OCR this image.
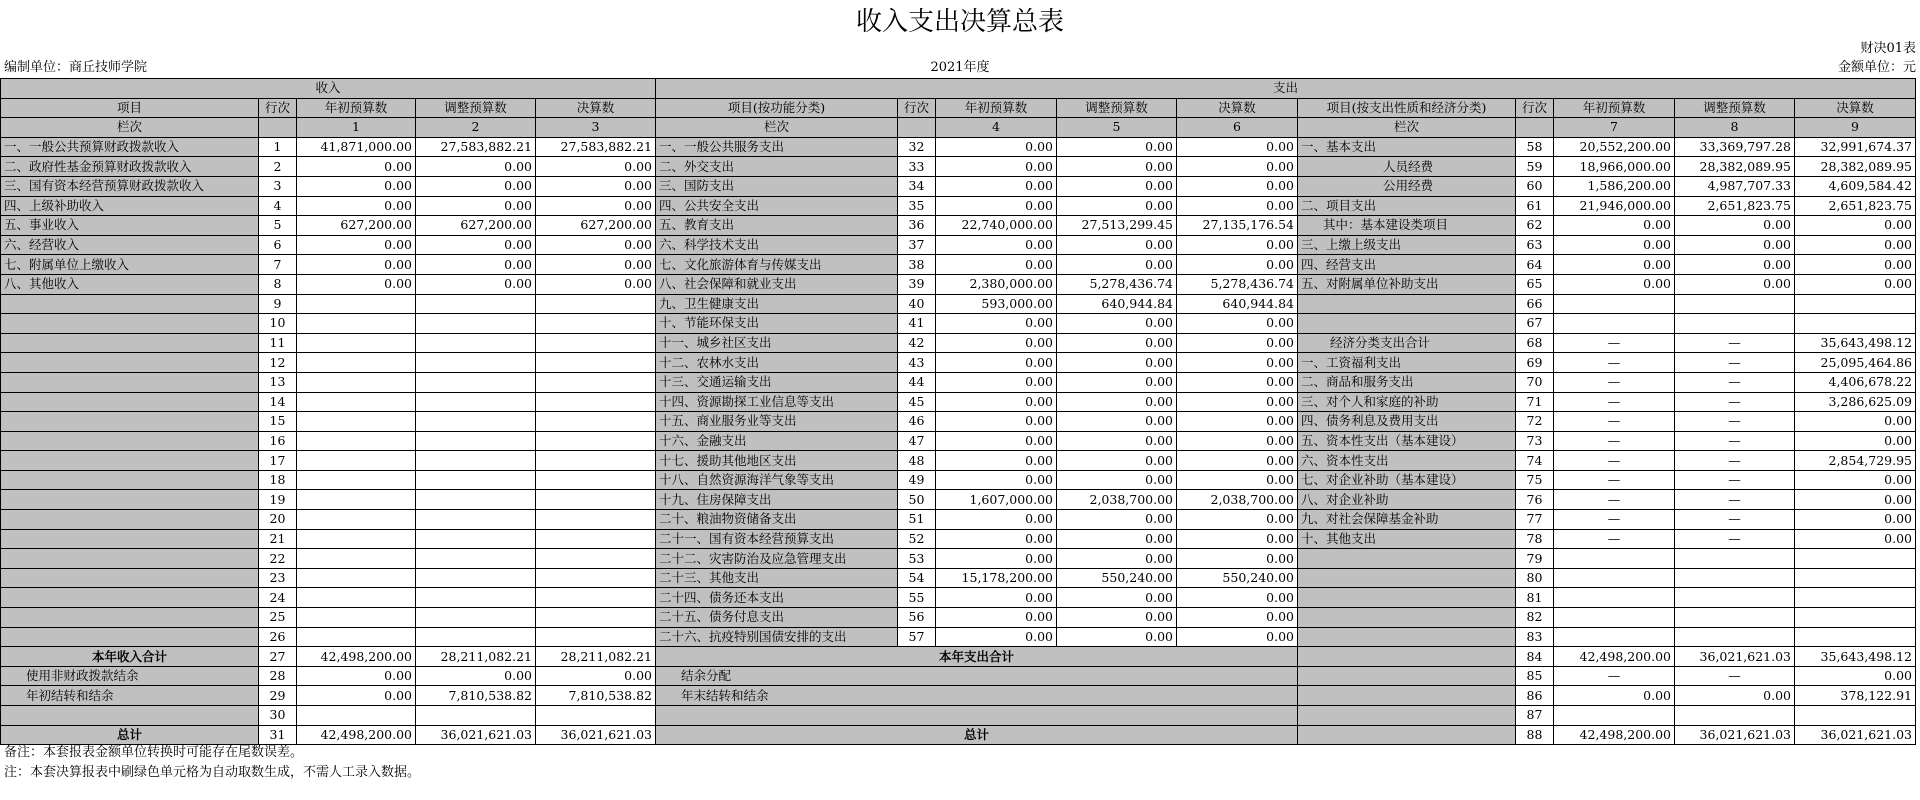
收入支出决算总表
财决01表
编制单位：商丘技师学院	2021年度	金额单位：元
收入					支出									
项目	行次	年初预算数	调整预算数	决算数	项目(按功能分类)	行次	年初预算数	调整预算数	决算数	项目(按支出性质和经济分类)	行次	年初预算数	调整预算数	决算数
栏次		1	2	3	栏次		4	5	6	栏次		7	8	9
一、一般公共预算财政拨款收入	1	41,871,000.00	27,583,882.21	27,583,882.21	一、一般公共服务支出	32	0.00	0.00	0.00	一、基本支出	58	20,552,200.00	33,369,797.28	32,991,674.37
二、政府性基金预算财政拨款收入	2	0.00	0.00	0.00	二、外交支出	33	0.00	0.00	0.00	人员经费	59	18,966,000.00	28,382,089.95	28,382,089.95
三、国有资本经营预算财政拨款收入	3	0.00	0.00	0.00	三、国防支出	34	0.00	0.00	0.00	公用经费	60	1,586,200.00	4,987,707.33	4,609,584.42
四、上级补助收入	4	0.00	0.00	0.00	四、公共安全支出	35	0.00	0.00	0.00	二、项目支出	61	21,946,000.00	2,651,823.75	2,651,823.75
五、事业收入	5	627,200.00	627,200.00	627,200.00	五、教育支出	36	22,740,000.00	27,513,299.45	27,135,176.54	其中：基本建设类项目	62	0.00	0.00	0.00
六、经营收入	6	0.00	0.00	0.00	六、科学技术支出	37	0.00	0.00	0.00	三、上缴上级支出	63	0.00	0.00	0.00
七、附属单位上缴收入	7	0.00	0.00	0.00	七、文化旅游体育与传媒支出	38	0.00	0.00	0.00	四、经营支出	64	0.00	0.00	0.00
八、其他收入	8	0.00	0.00	0.00	八、社会保障和就业支出	39	2,380,000.00	5,278,436.74	5,278,436.74	五、对附属单位补助支出	65	0.00	0.00	0.00
	9				九、卫生健康支出	40	593,000.00	640,944.84	640,944.84		66			
	10				十、节能环保支出	41	0.00	0.00	0.00		67			
	11				十一、城乡社区支出	42	0.00	0.00	0.00	经济分类支出合计	68	—	—	35,643,498.12
	12				十二、农林水支出	43	0.00	0.00	0.00	一、工资福利支出	69	—	—	25,095,464.86
	13				十三、交通运输支出	44	0.00	0.00	0.00	二、商品和服务支出	70	—	—	4,406,678.22
	14				十四、资源勘探工业信息等支出	45	0.00	0.00	0.00	三、对个人和家庭的补助	71	—	—	3,286,625.09
	15				十五、商业服务业等支出	46	0.00	0.00	0.00	四、债务利息及费用支出	72	—	—	0.00
	16				十六、金融支出	47	0.00	0.00	0.00	五、资本性支出（基本建设）	73	—	—	0.00
	17				十七、援助其他地区支出	48	0.00	0.00	0.00	六、资本性支出	74	—	—	2,854,729.95
	18				十八、自然资源海洋气象等支出	49	0.00	0.00	0.00	七、对企业补助（基本建设）	75	—	—	0.00
	19				十九、住房保障支出	50	1,607,000.00	2,038,700.00	2,038,700.00	八、对企业补助	76	—	—	0.00
	20				二十、粮油物资储备支出	51	0.00	0.00	0.00	九、对社会保障基金补助	77	—	—	0.00
	21				二十一、国有资本经营预算支出	52	0.00	0.00	0.00	十、其他支出	78	—	—	0.00
	22				二十二、灾害防治及应急管理支出	53	0.00	0.00	0.00		79			
	23				二十三、其他支出	54	15,178,200.00	550,240.00	550,240.00		80			
	24				二十四、债务还本支出	55	0.00	0.00	0.00		81			
	25				二十五、债务付息支出	56	0.00	0.00	0.00		82			
	26				二十六、抗疫特别国债安排的支出	57	0.00	0.00	0.00		83			
本年收入合计	27	42,498,200.00	28,211,082.21	28,211,082.21	本年支出合计						84	42,498,200.00	36,021,621.03	35,643,498.12
使用非财政拨款结余	28	0.00	0.00	0.00	结余分配						85	—	—	0.00
年初结转和结余	29	0.00	7,810,538.82	7,810,538.82	年末结转和结余						86	0.00	0.00	378,122.91
	30										87			
总计	31	42,498,200.00	36,021,621.03	36,021,621.03	总计						88	42,498,200.00	36,021,621.03	36,021,621.03
备注：本套报表金额单位转换时可能存在尾数误差。
注：本套决算报表中刷绿色单元格为自动取数生成，不需人工录入数据。
